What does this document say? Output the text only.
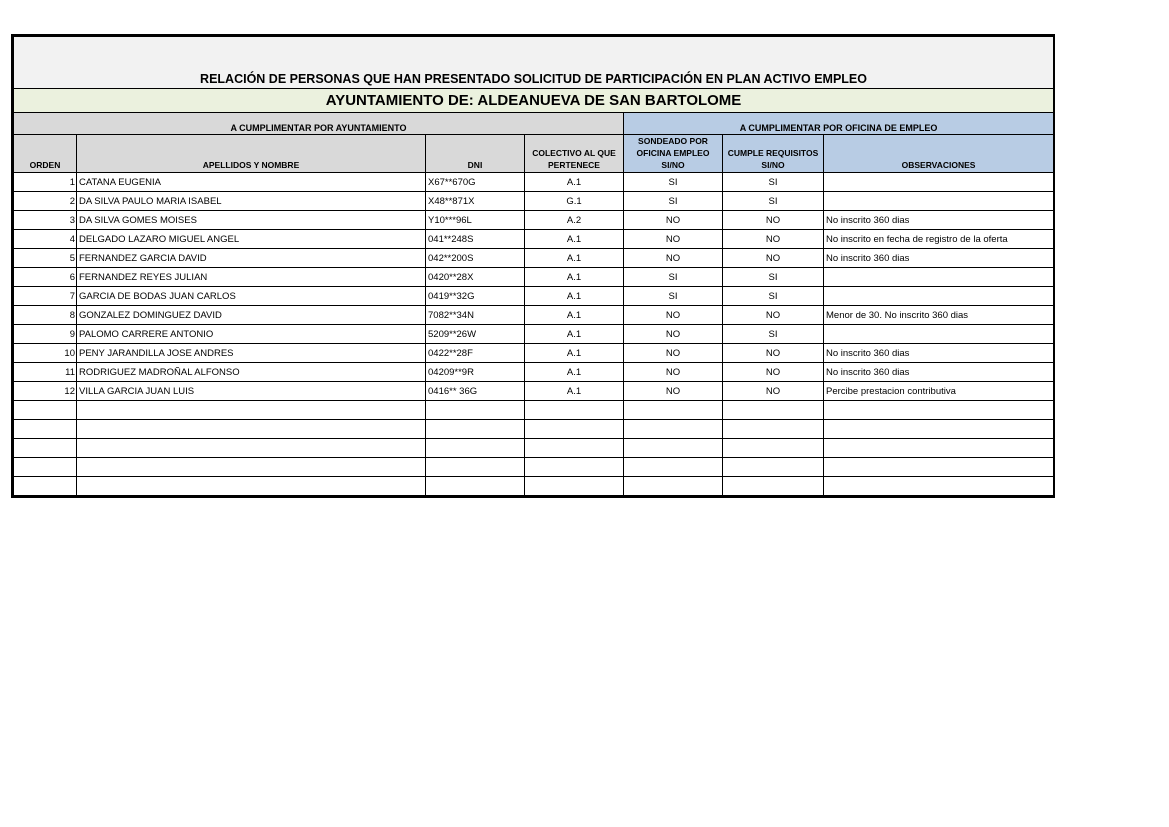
RELACIÓN DE PERSONAS QUE HAN PRESENTADO SOLICITUD DE PARTICIPACIÓN EN PLAN ACTIVO EMPLEO						
AYUNTAMIENTO DE: ALDEANUEVA DE SAN BARTOLOME						
A CUMPLIMENTAR POR AYUNTAMIENTO				A CUMPLIMENTAR POR OFICINA DE EMPLEO		
ORDEN	APELLIDOS Y NOMBRE	DNI	COLECTIVO AL QUE PERTENECE	SONDEADO POR OFICINA EMPLEO SI/NO	CUMPLE REQUISITOS SI/NO	OBSERVACIONES
1	CATANA EUGENIA	X67**670G	A.1	SI	SI	
2	DA SILVA PAULO MARIA ISABEL	X48**871X	G.1	SI	SI	
3	DA SILVA GOMES MOISES	Y10***96L	A.2	NO	NO	No inscrito 360 dias
4	DELGADO LAZARO MIGUEL ANGEL	041**248S	A.1	NO	NO	No inscrito en fecha de registro de la oferta
5	FERNANDEZ GARCIA DAVID	042**200S	A.1	NO	NO	No inscrito 360 dias
6	FERNANDEZ REYES JULIAN	0420**28X	A.1	SI	SI	
7	GARCIA DE BODAS JUAN CARLOS	0419**32G	A.1	SI	SI	
8	GONZALEZ DOMINGUEZ DAVID	7082**34N	A.1	NO	NO	Menor de 30. No inscrito 360 dias
9	PALOMO CARRERE ANTONIO	5209**26W	A.1	NO	SI	
10	PENY JARANDILLA JOSE ANDRES	0422**28F	A.1	NO	NO	No inscrito 360 dias
11	RODRIGUEZ MADROÑAL ALFONSO	04209**9R	A.1	NO	NO	No inscrito 360 dias
12	VILLA GARCIA JUAN LUIS	0416** 36G	A.1	NO	NO	Percibe prestacion contributiva
